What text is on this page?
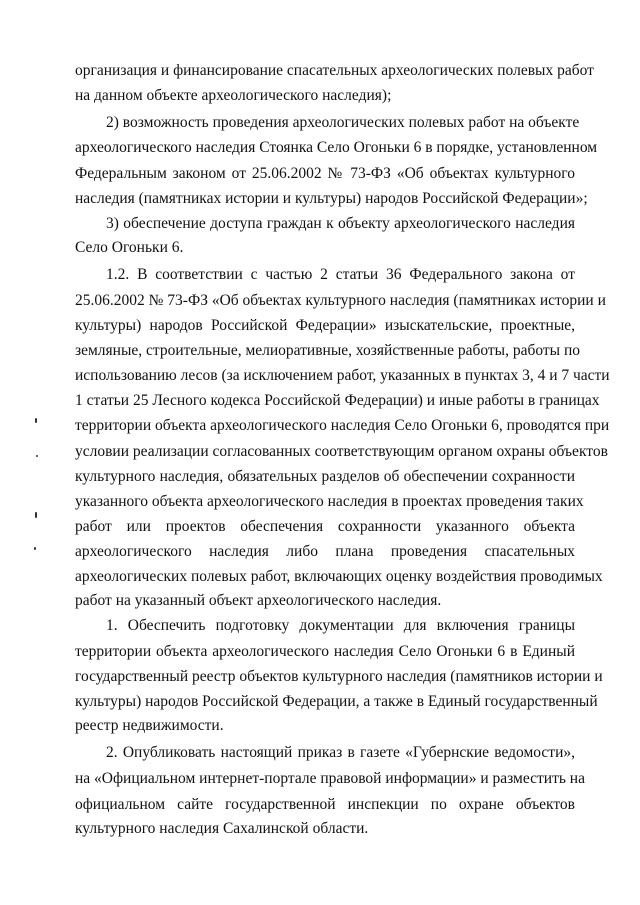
организация и финансирование спасательных археологических полевых работ
на данном объекте археологического наследия);
2) возможность проведения археологических полевых работ на объекте
археологического наследия Стоянка Село Огоньки 6 в порядке, установленном
Федеральным законом от 25.06.2002 № 73-ФЗ «Об объектах культурного
наследия (памятниках истории и культуры) народов Российской Федерации»;
3) обеспечение доступа граждан к объекту археологического наследия
Село Огоньки 6.
1.2. В соответствии с частью 2 статьи 36 Федерального закона от
25.06.2002 № 73-ФЗ «Об объектах культурного наследия (памятниках истории и
культуры) народов Российской Федерации» изыскательские, проектные,
земляные, строительные, мелиоративные, хозяйственные работы, работы по
использованию лесов (за исключением работ, указанных в пунктах 3, 4 и 7 части
1 статьи 25 Лесного кодекса Российской Федерации) и иные работы в границах
территории объекта археологического наследия Село Огоньки 6, проводятся при
условии реализации согласованных соответствующим органом охраны объектов
культурного наследия, обязательных разделов об обеспечении сохранности
указанного объекта археологического наследия в проектах проведения таких
работ или проектов обеспечения сохранности указанного объекта
археологического наследия либо плана проведения спасательных
археологических полевых работ, включающих оценку воздействия проводимых
работ на указанный объект археологического наследия.
1. Обеспечить подготовку документации для включения границы
территории объекта археологического наследия Село Огоньки 6 в Единый
государственный реестр объектов культурного наследия (памятников истории и
культуры) народов Российской Федерации, а также в Единый государственный
реестр недвижимости.
2. Опубликовать настоящий приказ в газете «Губернские ведомости»,
на «Официальном интернет-портале правовой информации» и разместить на
официальном сайте государственной инспекции по охране объектов
культурного наследия Сахалинской области.
